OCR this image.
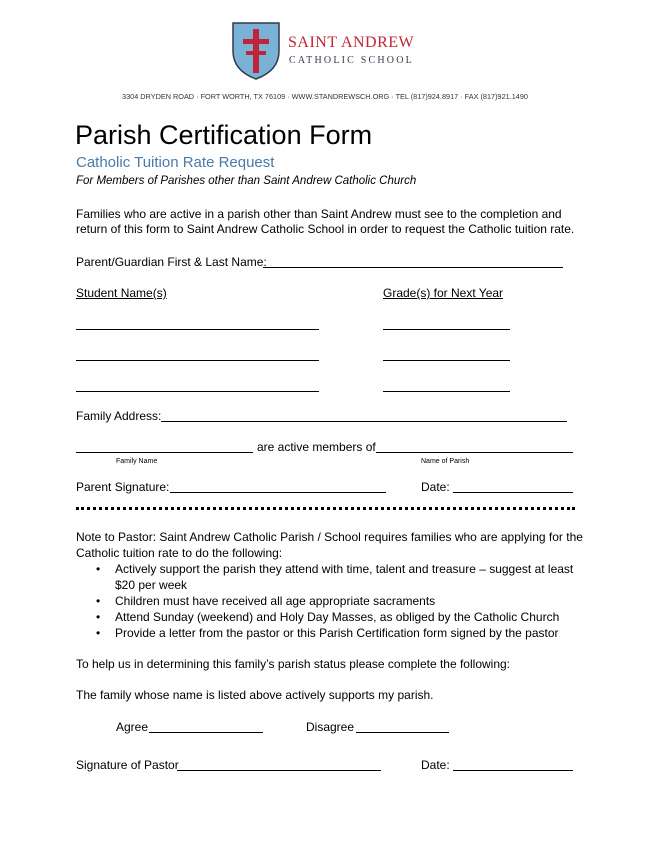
SAINT ANDREW
CATHOLIC SCHOOL
3304 DRYDEN ROAD · FORT WORTH, TX 76109 · WWW.STANDREWSCH.ORG · TEL (817)924.8917 · FAX (817)921.1490
Parish Certification Form
Catholic Tuition Rate Request
For Members of Parishes other than Saint Andrew Catholic Church
Families who are active in a parish other than Saint Andrew must see to the completion and
return of this form to Saint Andrew Catholic School in order to request the Catholic tuition rate.
Parent/Guardian First & Last Name:
Student Name(s)	Grade(s) for Next Year
Family Address:
are active members of
Family Name	Name of Parish
Parent Signature:	Date:
Note to Pastor: Saint Andrew Catholic Parish / School requires families who are applying for the
Catholic tuition rate to do the following:
• Actively support the parish they attend with time, talent and treasure – suggest at least
$20 per week
• Children must have received all age appropriate sacraments
• Attend Sunday (weekend) and Holy Day Masses, as obliged by the Catholic Church
• Provide a letter from the pastor or this Parish Certification form signed by the pastor
To help us in determining this family’s parish status please complete the following:
The family whose name is listed above actively supports my parish.
Agree	Disagree
Signature of Pastor	Date:
